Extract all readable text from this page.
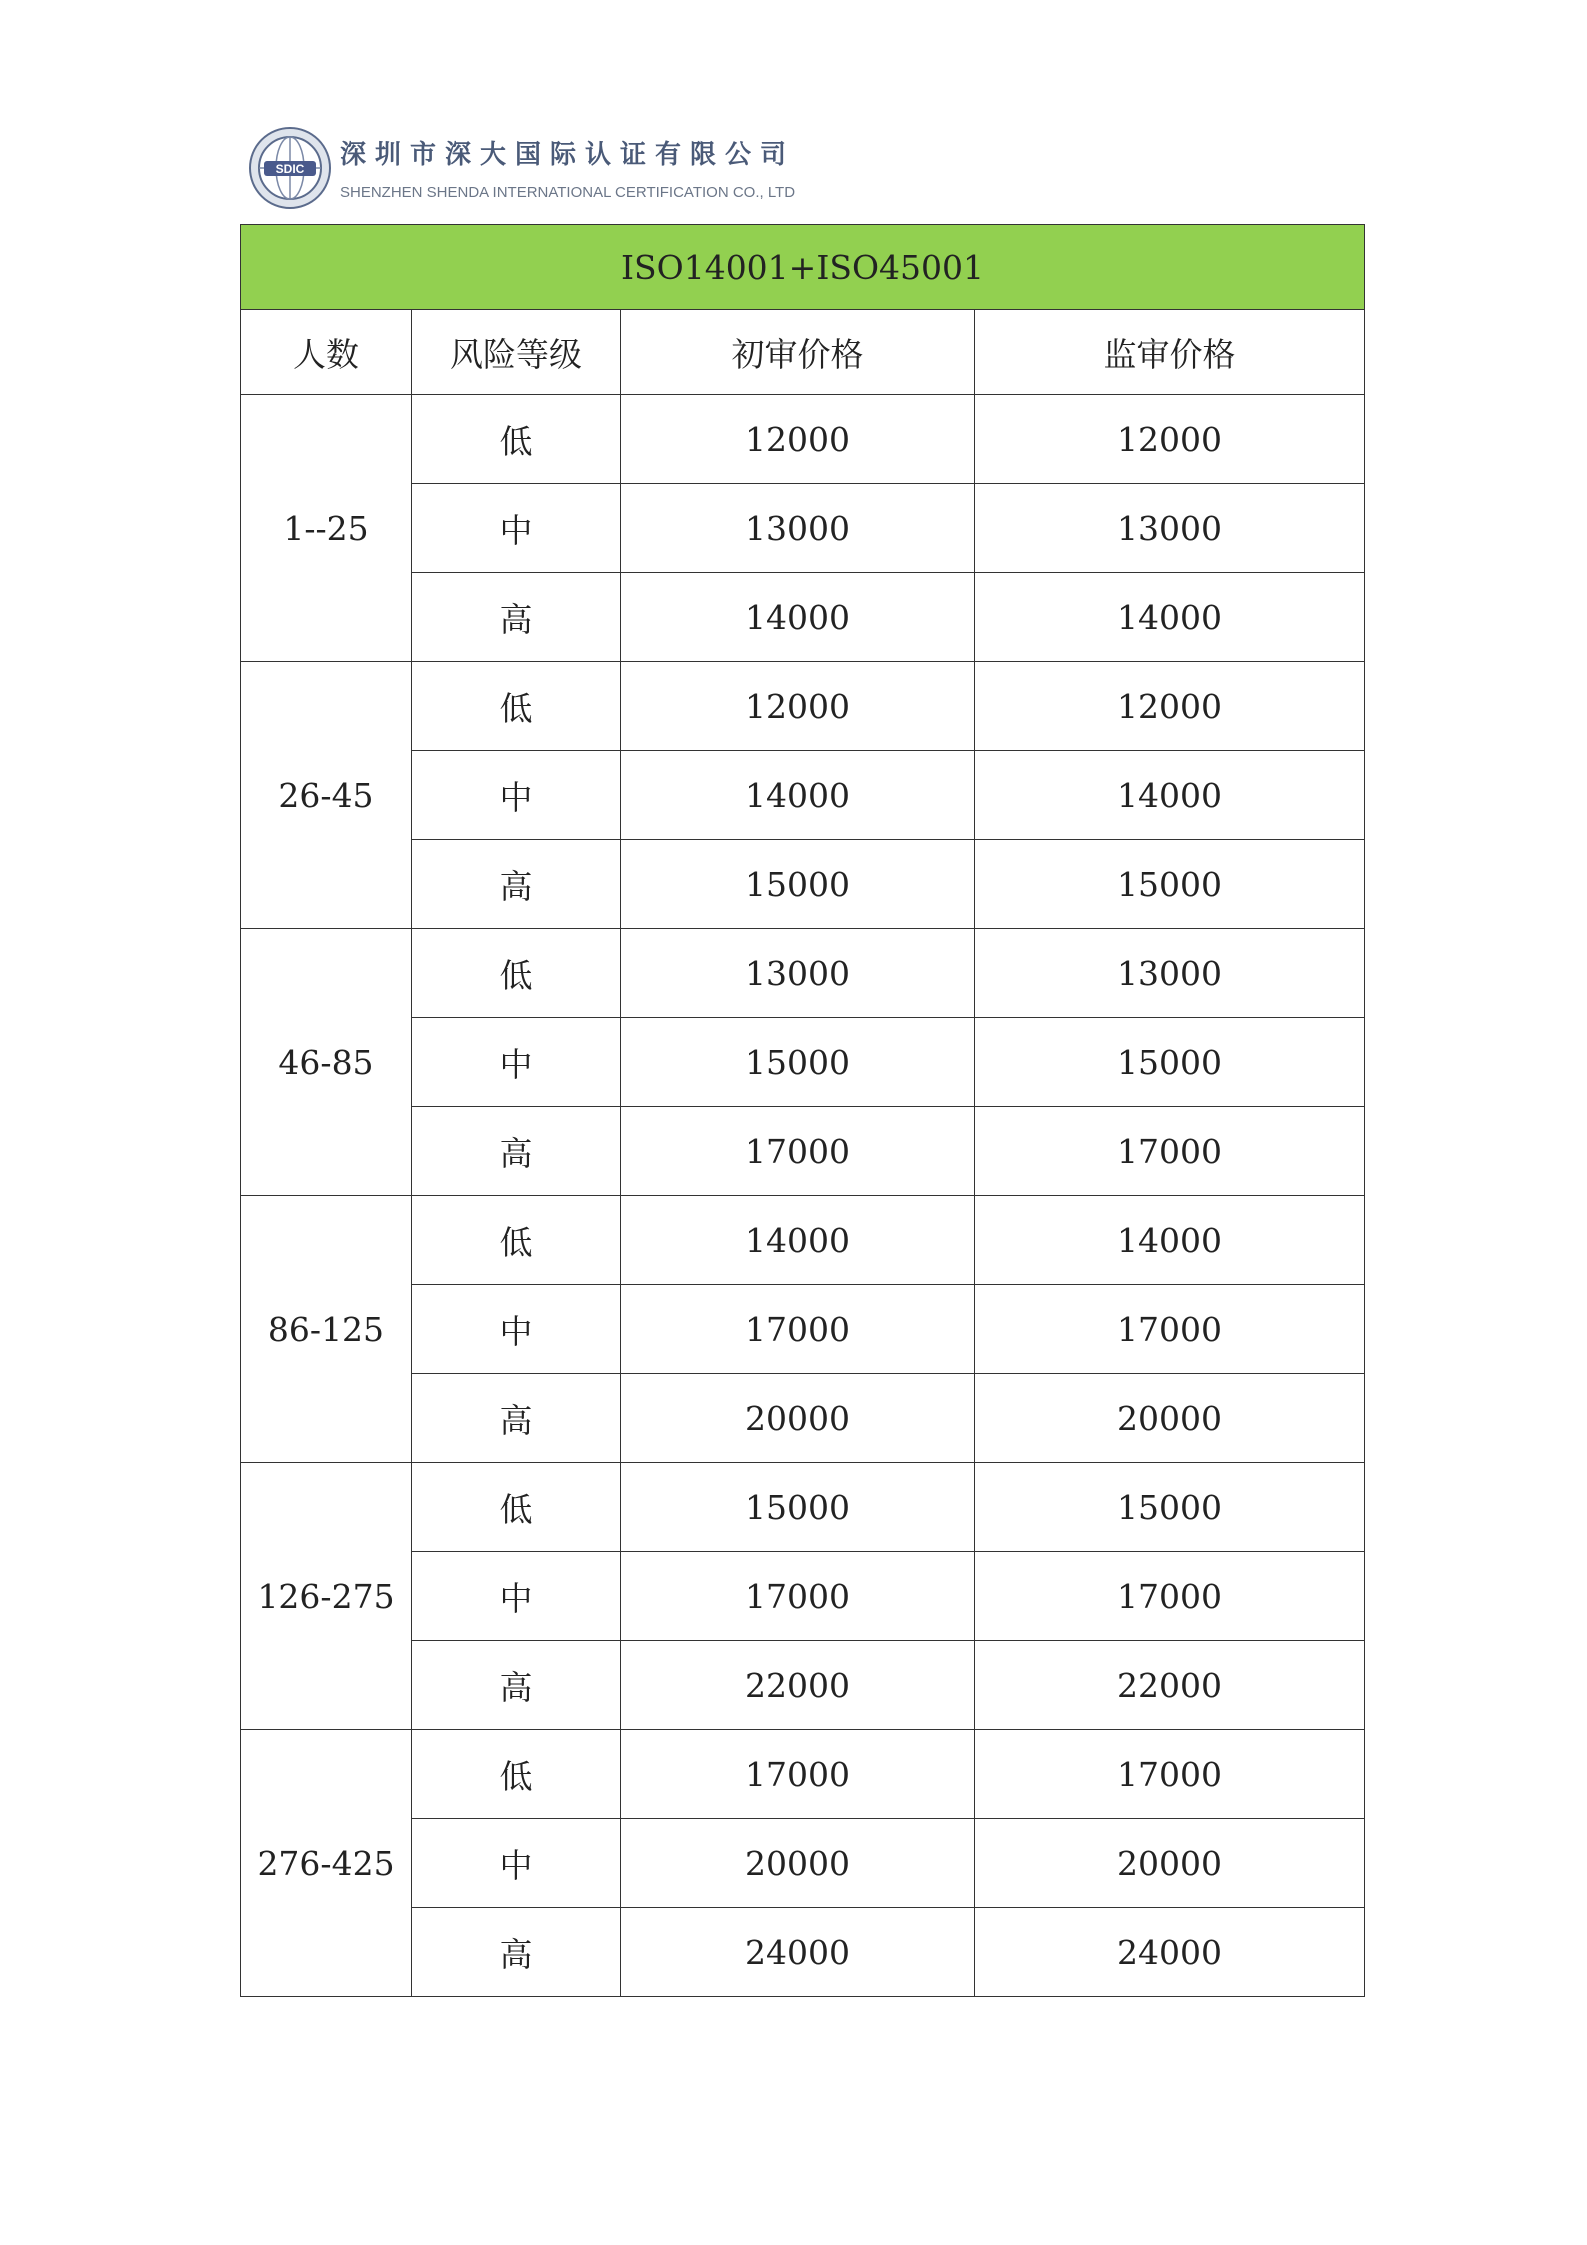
SDIC 深圳市深大国际认证有限公司
SHENZHEN SHENDA INTERNATIONAL CERTIFICATION CO., LTD
ISO14001+ISO45001			
人数	风险等级	初审价格	监审价格
1--25	低	12000	12000
	中	13000	13000
	高	14000	14000
26-45	低	12000	12000
	中	14000	14000
	高	15000	15000
46-85	低	13000	13000
	中	15000	15000
	高	17000	17000
86-125	低	14000	14000
	中	17000	17000
	高	20000	20000
126-275	低	15000	15000
	中	17000	17000
	高	22000	22000
276-425	低	17000	17000
	中	20000	20000
	高	24000	24000
